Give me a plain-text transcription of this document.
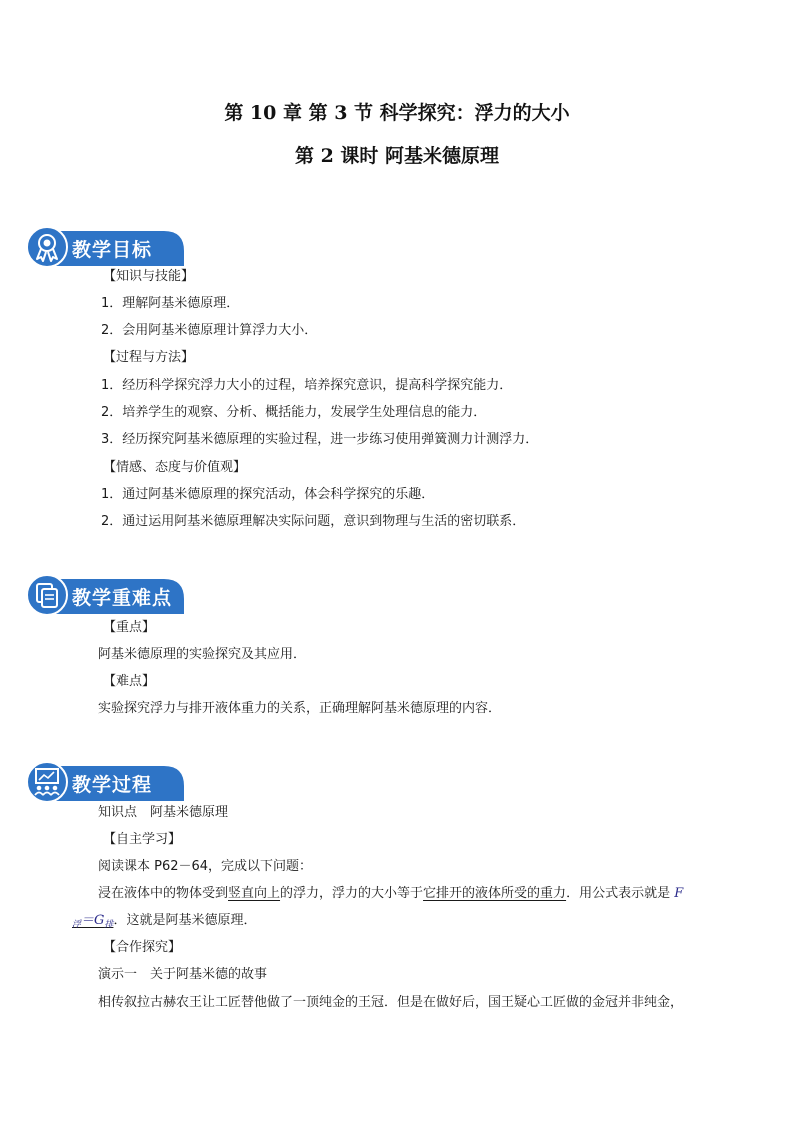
第 10 章 第 3 节 科学探究：浮力的大小
第 2 课时 阿基米德原理
教学目标
【知识与技能】
1．理解阿基米德原理．
2．会用阿基米德原理计算浮力大小．
【过程与方法】
1．经历科学探究浮力大小的过程，培养探究意识，提高科学探究能力．
2．培养学生的观察、分析、概括能力，发展学生处理信息的能力．
3．经历探究阿基米德原理的实验过程，进一步练习使用弹簧测力计测浮力．
【情感、态度与价值观】
1．通过阿基米德原理的探究活动，体会科学探究的乐趣．
2．通过运用阿基米德原理解决实际问题，意识到物理与生活的密切联系．
教学重难点
【重点】
阿基米德原理的实验探究及其应用．
【难点】
实验探究浮力与排开液体重力的关系，正确理解阿基米德原理的内容．
教学过程
知识点　阿基米德原理
【自主学习】
阅读课本 P62－64，完成以下问题：
浸在液体中的物体受到竖直向上的浮力，浮力的大小等于它排开的液体所受的重力．用公式表示就是 F
$_浮=G_排$．这就是阿基米德原理．
【合作探究】
演示一　关于阿基米德的故事
相传叙拉古赫农王让工匠替他做了一顶纯金的王冠．但是在做好后，国王疑心工匠做的金冠并非纯金，
